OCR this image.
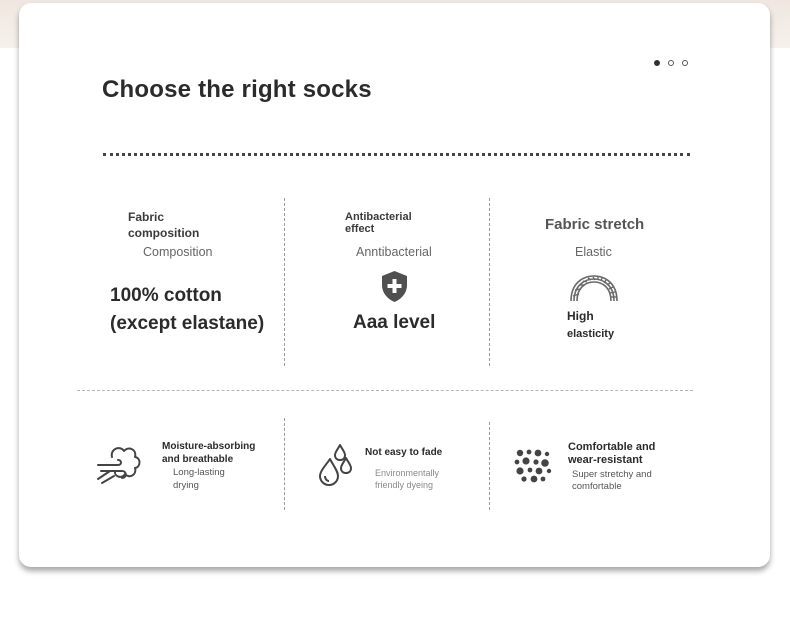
Choose the right socks
Fabric
composition
Composition
100% cotton
(except elastane)
Antibacterial
effect
Anntibacterial
Aaa level
Fabric stretch
Elastic
High
elasticity
Moisture-absorbing
and breathable
Long-lasting
drying
Not easy to fade
Environmentally
friendly dyeing
Comfortable and
wear-resistant
Super stretchy and
comfortable
